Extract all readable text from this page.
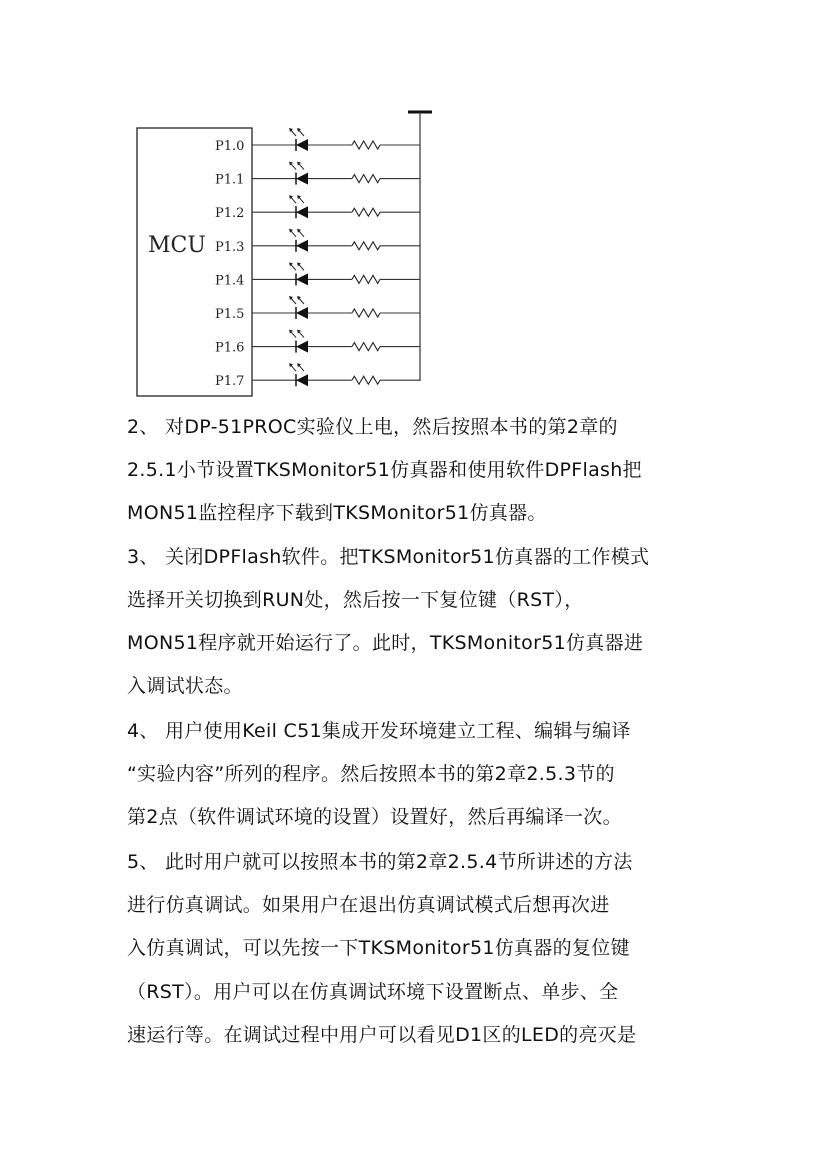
MCU
P1.0
P1.1
P1.2
P1.3
P1.4
P1.5
P1.6
P1.7
2、 对DP-51PROC实验仪上电，然后按照本书的第2章的
2.5.1小节设置TKSMonitor51仿真器和使用软件DPFlash把
MON51监控程序下载到TKSMonitor51仿真器。
3、 关闭DPFlash软件。把TKSMonitor51仿真器的工作模式
选择开关切换到RUN处，然后按一下复位键（RST），
MON51程序就开始运行了。此时，TKSMonitor51仿真器进
入调试状态。
4、 用户使用Keil C51集成开发环境建立工程、编辑与编译
“实验内容”所列的程序。然后按照本书的第2章2.5.3节的
第2点（软件调试环境的设置）设置好，然后再编译一次。
5、 此时用户就可以按照本书的第2章2.5.4节所讲述的方法
进行仿真调试。如果用户在退出仿真调试模式后想再次进
入仿真调试，可以先按一下TKSMonitor51仿真器的复位键
（RST）。用户可以在仿真调试环境下设置断点、单步、全
速运行等。在调试过程中用户可以看见D1区的LED的亮灭是
